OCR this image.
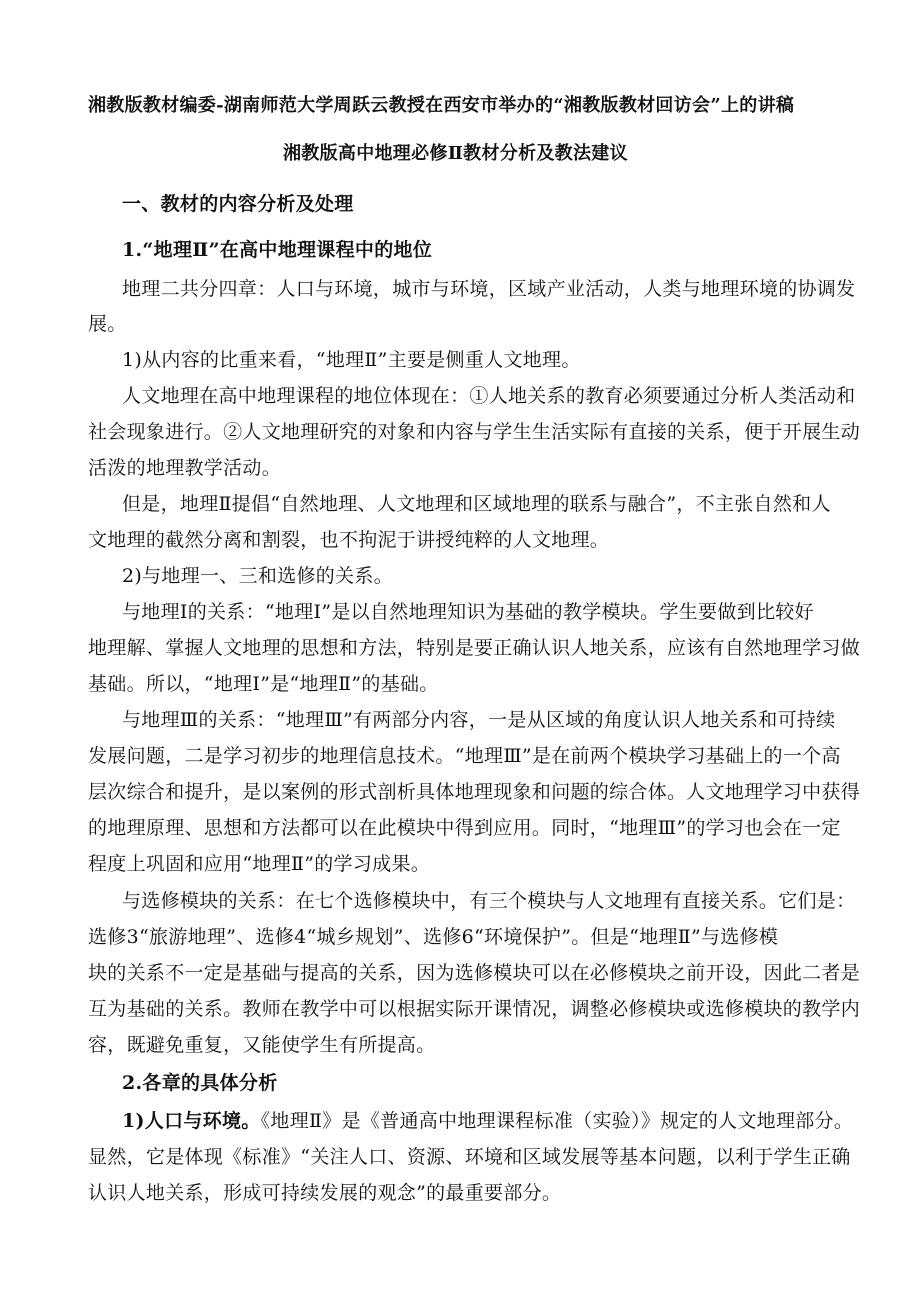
湘教版教材编委-湖南师范大学周跃云教授在西安市举办的“湘教版教材回访会”上的讲稿

湘教版高中地理必修Ⅱ教材分析及教法建议

一、教材的内容分析及处理

1.“地理Ⅱ”在高中地理课程中的地位

地理二共分四章：人口与环境，城市与环境，区域产业活动，人类与地理环境的协调发

展。

1)从内容的比重来看，“地理Ⅱ”主要是侧重人文地理。

人文地理在高中地理课程的地位体现在：①人地关系的教育必须要通过分析人类活动和

社会现象进行。②人文地理研究的对象和内容与学生生活实际有直接的关系，便于开展生动

活泼的地理教学活动。

但是，地理Ⅱ提倡“自然地理、人文地理和区域地理的联系与融合”，不主张自然和人

文地理的截然分离和割裂，也不拘泥于讲授纯粹的人文地理。

2)与地理一、三和选修的关系。

与地理Ⅰ的关系：“地理Ⅰ”是以自然地理知识为基础的教学模块。学生要做到比较好

地理解、掌握人文地理的思想和方法，特别是要正确认识人地关系，应该有自然地理学习做

基础。所以，“地理Ⅰ”是“地理Ⅱ”的基础。

与地理Ⅲ的关系：“地理Ⅲ”有两部分内容，一是从区域的角度认识人地关系和可持续

发展问题，二是学习初步的地理信息技术。“地理Ⅲ”是在前两个模块学习基础上的一个高

层次综合和提升，是以案例的形式剖析具体地理现象和问题的综合体。人文地理学习中获得

的地理原理、思想和方法都可以在此模块中得到应用。同时，“地理Ⅲ”的学习也会在一定

程度上巩固和应用“地理Ⅱ”的学习成果。

与选修模块的关系：在七个选修模块中，有三个模块与人文地理有直接关系。它们是：

选修3“旅游地理”、选修4“城乡规划”、选修6“环境保护”。但是“地理Ⅱ”与选修模

块的关系不一定是基础与提高的关系，因为选修模块可以在必修模块之前开设，因此二者是

互为基础的关系。教师在教学中可以根据实际开课情况，调整必修模块或选修模块的教学内

容，既避免重复，又能使学生有所提高。

2.各章的具体分析

1)人口与环境。《地理Ⅱ》是《普通高中地理课程标准（实验）》规定的人文地理部分。

显然，它是体现《标准》“关注人口、资源、环境和区域发展等基本问题，以利于学生正确

认识人地关系，形成可持续发展的观念”的最重要部分。
